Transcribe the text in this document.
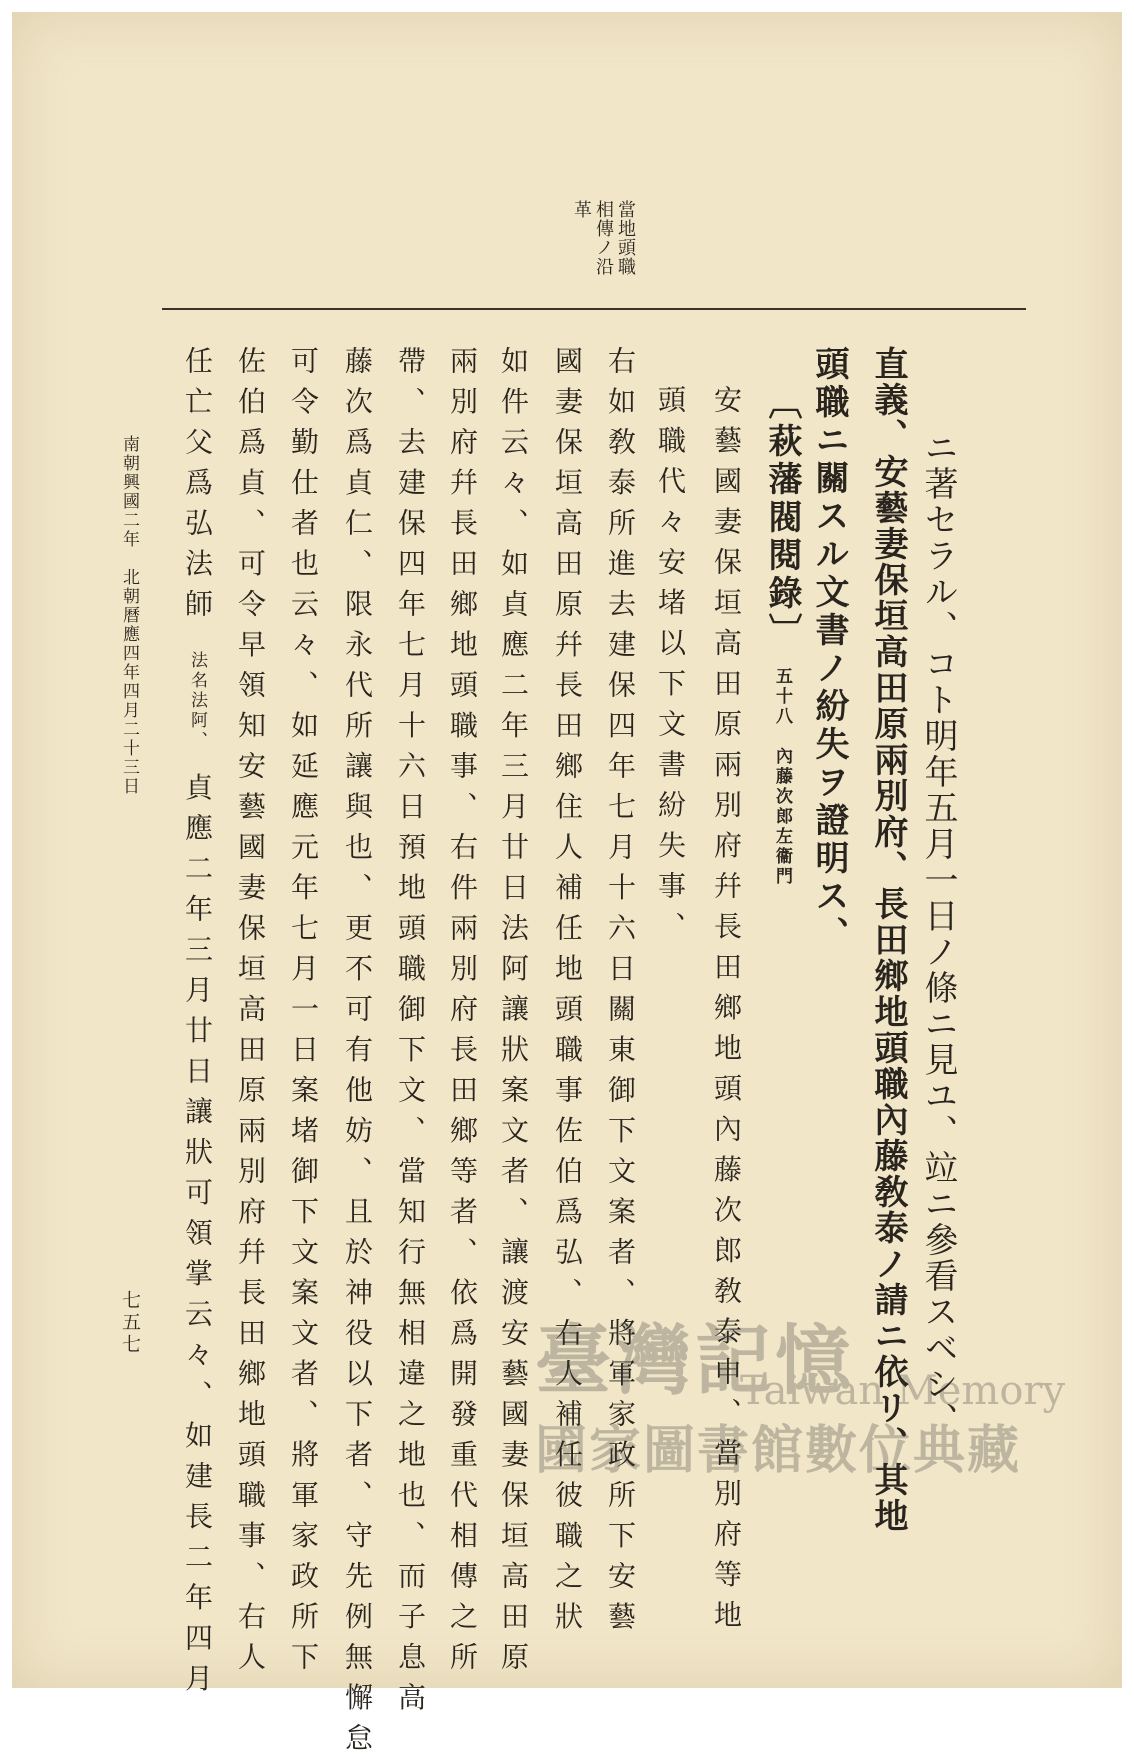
當地頭職
相傳ノ沿
革
ニ著セラル、コト明年五月一日ノ條ニ見ユ、竝ニ參看スベシ、
直義、安藝妻保垣高田原兩別府、長田鄉地頭職內藤敎泰ノ請ニ依リ、其地
頭職ニ關スル文書ノ紛失ヲ證明ス、
〔萩藩閥閱錄〕 五十八　內藤次郎左衞門
安藝國妻保垣高田原兩別府幷長田鄉地頭內藤次郎敎泰申、當別府等地
頭職代々安堵以下文書紛失事、
右如敎泰所進去建保四年七月十六日關東御下文案者、將軍家政所下安藝
國妻保垣高田原幷長田鄉住人補任地頭職事佐伯爲弘、右人補任彼職之狀
如件云々、如貞應二年三月廿日法阿讓狀案文者、讓渡安藝國妻保垣高田原
兩別府幷長田鄉地頭職事、右件兩別府長田鄉等者、依爲開發重代相傳之所
帶、去建保四年七月十六日預地頭職御下文、當知行無相違之地也、而子息高
藤次爲貞仁、限永代所讓與也、更不可有他妨、且於神役以下者、守先例無懈怠
可令勤仕者也云々、如延應元年七月一日案堵御下文案文者、將軍家政所下
佐伯爲貞、可令早領知安藝國妻保垣高田原兩別府幷長田鄉地頭職事、右人
任亡父爲弘法師 法名法阿、 貞應二年三月廿日讓狀可領掌云々、如建長二年四月
南朝興國二年　北朝曆應四年四月二十三日
七五七	臺灣記憶
Taiwan Memory
國家圖書館數位典藏
